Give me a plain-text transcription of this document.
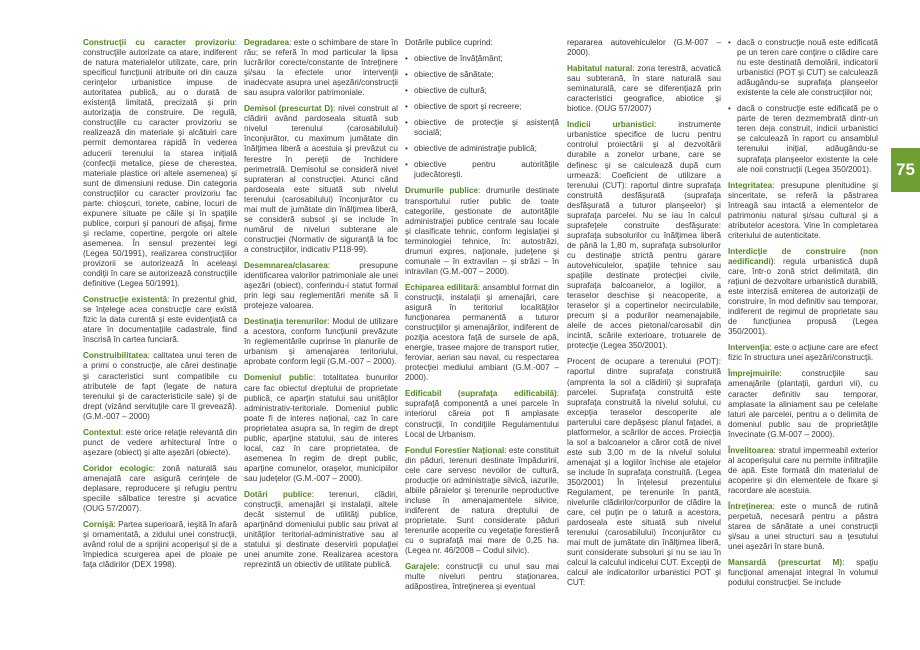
Construcţii cu caracter provizoriu: construcţiile autorizate ca atare, indiferent de natura materialelor utilizate, care, prin specificul funcţiunii atribuite ori din cauza cerinţelor urbanistice impuse de autoritatea publică, au o durată de existenţă limitată, precizată şi prin autorizaţia de construire. De regulă, construcţiile cu caracter provizoriu se realizează din materiale şi alcătuiri care permit demontarea rapidă în vederea aducerii terenului la starea iniţială (confecţii metalice, piese de cherestea, materiale plastice ori altele asemenea) şi sunt de dimensiuni reduse. Din categoria construcţiilor cu caracter provizoriu fac parte: chioşcuri, tonete, cabine, locuri de expunere situate pe căile şi în spaţiile publice, corpuri şi panouri de afişaj, firme şi reclame, copertine, pergole ori altele asemenea. În sensul prezentei legi (Legea 50/1991), realizarea construcţiilor provizorii se autorizează în aceleaşi condiţii în care se autorizează construcţiile definitive (Legea 50/1991).

Construcţie existentă: în prezentul ghid, se înţelege acea construcţie care există fizic la data curentă şi este evidenţiată ca atare în documentaţiile cadastrale, fiind înscrisă în cartea funciară.

Construibilitatea: calitatea unui teren de a primi o construcţie, ale cărei destinaţie şi caracteristici sunt compatibile cu atributele de fapt (legate de natura terenului şi de caracteristicile sale) şi de drept (vizând servituţile care îl grevează). (G.M.-007 – 2000)

Contextul: este orice relaţie relevantă din punct de vedere arhitectural între o aşezare (obiect) şi alte aşezări (obiecte).

Coridor ecologic: zonă naturală sau amenajată care asigură cerinţele de deplasare, reproducere şi refugiu pentru speciile sălbatice terestre şi acvatice (OUG 57/2007).

Cornişă: Partea superioară, ieşită în afară şi ornamentată, a zidului unei construcţii, având rolul de a sprijini acoperişul şi de a împiedica scurgerea apei de ploaie pe faţa clădirilor (DEX 1998).

Degradarea: este o schimbare de stare în rău; se referă în mod particular la lipsa lucrărilor corecte/constante de întreţinere şi/sau la efectele unor intervenţii inadecvate asupra unei aşezări/construcţii sau asupra valorilor patrimoniale.

Demisol (prescurtat D): nivel construit al clădirii având pardoseala situată sub nivelul terenului (carosabilului) înconjurător, cu maximum jumătate din înălţimea liberă a acestuia şi prevăzut cu ferestre în pereţii de închidere perimetrală. Demisolul se consideră nivel suprateran al construcţiei. Atunci când pardoseala este situată sub nivelul terenului (carosabilului) înconjurător cu mai mult de jumătate din înălţimea liberă, se consideră subsol şi se include în numărul de niveluri subterane ale construcţiei (Normativ de siguranţă la foc a construcţiilor, indicativ P118-99).

Desemnarea/clasarea: presupune identificarea valorilor patrimoniale ale unei aşezări (obiect), conferindu-i statut formal prin legi sau reglementări menite să îi protejeze valoarea.

Destinaţia terenurilor: Modul de utilizare a acestora, conform funcţiunii prevăzute în reglementările cuprinse în planurile de urbanism şi amenajarea teritoriului, aprobate conform legii (G.M.-007 – 2000).

Domeniul public: totalitatea bunurilor care fac obiectul dreptului de proprietate publică, ce aparţin statului sau unităţilor administrativ-teritoriale. Domeniul public poate fi de interes naţional, caz în care proprietatea asupra sa, în regim de drept public, aparţine statului, sau de interes local, caz în care proprietatea, de asemenea în regim de drept public, aparţine comunelor, oraşelor, municipiilor sau judeţelor (G.M.-007 – 2000).

Dotări publice: terenuri, clădiri, construcţii, amenajări şi instalaţii, altele decât sistemul de utilităţi publice, aparţinând domeniului public sau privat al unităţilor teritorial-administrative sau al statului şi destinate deservirii populaţiei unei anumite zone. Realizarea acestora reprezintă un obiectiv de utilitate publică.

Dotările publice cuprind:

• obiective de învăţământ;
• obiective de sănătate;
• obiective de cultură;
• obiective de sport şi recreere;
• obiective de protecţie şi asistenţă socială;
• obiective de administraţie publică;
• obiective pentru autorităţile judecătoreşti.

Drumurile publice: drumurile destinate transportului rutier public de toate categoriile, gestionate de autorităţile administraţiei publice centrale sau locale şi clasificate tehnic, conform legislaţiei şi terminologiei tehnice, în: autostrăzi, drumuri expres, naţionale, judeţene şi comunale – în extravilan – şi străzi – în intravilan (G.M.-007 – 2000).

Echiparea edilitară: ansamblul format din construcţii, instalaţii şi amenajări, care asigură în teritoriul localităţilor funcţionarea permanentă a tuturor construcţiilor şi amenajărilor, indiferent de poziţia acestora faţă de sursele de apă, energie, trasee majore de transport rutier, feroviar, aerian sau naval, cu respectarea protecţiei mediului ambiant (G.M.-007 – 2000).

Edificabil (suprafaţa edificabilă): suprafaţă componentă a unei parcele în interiorul căreia pot fi amplasate construcţii, în condiţiile Regulamentului Local de Urbanism.

Fondul Forestier Naţional: este constituit din păduri, terenuri destinate împăduririi, cele care servesc nevoilor de cultură, producţie ori administraţie silvică, iazurile, albiile pâraielor şi terenurile neproductive incluse în amenajamentele silvice, indiferent de natura dreptului de proprietate. Sunt considerate păduri terenurile acoperite cu vegetaţie forestieră cu o suprafaţă mai mare de 0,25 ha. (Legea nr. 46/2008 – Codul silvic).

Garajele: construcţii cu unul sau mai multe niveluri pentru staţionarea, adăpostirea, întreţinerea şi eventual

repararea autovehiculelor (G.M-007 – 2000).

Habitatul natural: zona terestră, acvatică sau subterană, în stare naturală sau seminaturală, care se diferenţiază prin caracteristici geografice, abiotice şi biotice. (OUG 57/2007)

Indicii urbanistici: instrumente urbanistice specifice de lucru pentru controlul proiectării şi al dezvoltării durabile a zonelor urbane, care se definesc şi se calculează după cum urmează: Coeficient de utilizare a terenului (CUT): raportul dintre suprafaţa construită desfăşurată (suprafaţa desfăşurată a tuturor planşeelor) şi suprafaţa parcelei. Nu se iau în calcul suprafeţele construite desfăşurate: suprafaţa subsolurilor cu înălţimea liberă de până la 1,80 m, suprafaţa subsolurilor cu destinaţie strictă pentru garare autovehiculelor, spaţiile tehnice sau spaţiile destinate protecţiei civile, suprafaţa balcoanelor, a logiilor, a teraselor deschise şi neacoperite, a teraselor şi a copertinelor necirculabile, precum şi a podurilor neamenajabile, aleile de acces pietonal/carosabil din incintă, scările exterioare, trotuarele de protecţie (Legea 350/2001).

Procent de ocupare a terenului (POT): raportul dintre suprafaţa construită (amprenta la sol a clădirii) şi suprafaţa parcelei. Suprafaţa construită este suprafaţa construită la nivelul solului, cu excepţia teraselor descoperite ale parterului care depăşesc planul faţadei, a platformelor, a scărilor de acces. Proiecţia la sol a balcoanelor a căror cotă de nivel este sub 3,00 m de la nivelul solului amenajat şi a logiilor închise ale etajelor se include în suprafaţa construită. (Legea 350/2001) În înţelesul prezentului Regulament, pe terenurile în pantă, nivelurile clădirilor/corpurilor de clădire la care, cel puţin pe o latură a acestora, pardoseala este situată sub nivelul terenului (carosabilului) înconjurător cu mai mult de jumătate din înălţimea liberă, sunt considerate subsoluri şi nu se iau în calcul la calculul indicelui CUT. Excepţii de calcul ale indicatorilor urbanistici POT şi CUT:

• dacă o construcţie nouă este edificată pe un teren care conţine o clădire care nu este destinată demolării, indicatorii urbanistici (POT şi CUT) se calculează adăugându-se suprafaţa planşeelor existente la cele ale construcţiilor noi;
• dacă o construcţie este edificată pe o parte de teren dezmembrată dintr-un teren deja construit, indicii urbanistici se calculează în raport cu ansamblul terenului iniţial, adăugându-se suprafaţa planşeelor existente la cele ale noii construcţii (Legea 350/2001).

Integritatea: presupune plenitudine şi sinceritate, se referă la păstrarea întreagă sau intactă a elementelor de patrimoniu natural şi/sau cultural şi a atributelor acestora. Vine în completarea criteriului de autenticitate.

Interdicţie de construire (non aedificandi): regula urbanistică după care, într-o zonă strict delimitată, din raţiuni de dezvoltare urbanistică durabilă, este interzisă emiterea de autorizaţii de construire, în mod definitiv sau temporar, indiferent de regimul de proprietate sau de funcţiunea propusă (Legea 350/2001).

Intervenţia: este o acţiune care are efect fizic în structura unei aşezări/construcţii.

Împrejmuirile: construcţiile sau amenajările (plantaţii, garduri vii), cu caracter definitiv sau temporar, amplasate la aliniament sau pe celelalte laturi ale parcelei, pentru a o delimita de domeniul public sau de proprietăţile învecinate (G.M-007 – 2000).

Învelitoarea: stratul impermeabil exterior al acoperişului care nu permite infiltraţiile de apă. Este formată din materialul de acoperire şi din elementele de fixare şi racordare ale acestuia.

Întreţinerea: este o muncă de rutină perpetuă, necesară pentru a păstra starea de sănătate a unei construcţii şi/sau a unei structuri sau a ţesutului unei aşezări în stare bună.

Mansardă (prescurtat M): spaţiu funcţional amenajat integral în volumul podului construcţiei. Se include

75
